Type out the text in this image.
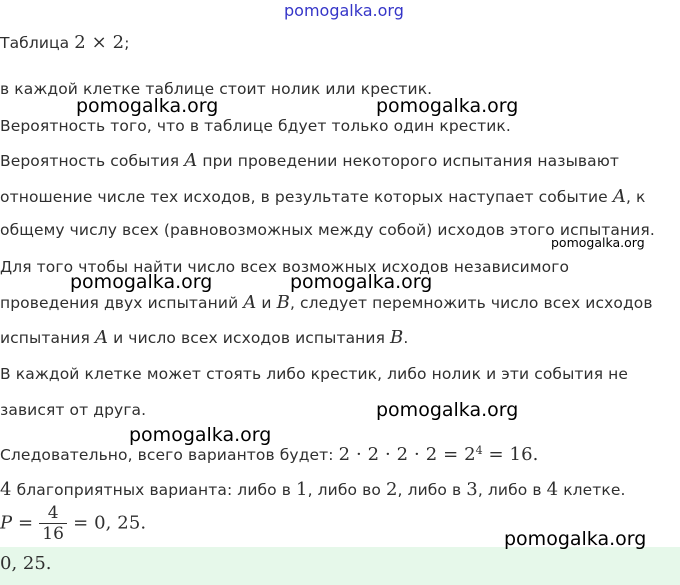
pomogalka.org
Таблица 2 × 2;
в каждой клетке таблице стоит нолик или крестик.
pomogalka.org	pomogalka.org
Вероятность того, что в таблице бдует только один крестик.
Вероятность события A при проведении некоторого испытания называют
отношение числе тех исходов, в результате которых наступает событие A, к
общему числу всех (равновозможных между собой) исходов этого испытания.
pomogalka.org
Для того чтобы найти число всех возможных исходов независимого
pomogalka.org	pomogalka.org
проведения двух испытаний A и B, следует перемножить число всех исходов
испытания A и число всех исходов испытания B.
В каждой клетке может стоять либо крестик, либо нолик и эти события не
зависят от друга.	pomogalka.org
pomogalka.org
Следовательно, всего вариантов будет: $2 \cdot 2 \cdot 2 \cdot 2 = 2^4 = 16$.
4 благоприятных варианта: либо в 1, либо во 2, либо в 3, либо в 4 клетке.
$P = \frac{4}{16} = 0$, 25.
0, 25.
pomogalka.org
